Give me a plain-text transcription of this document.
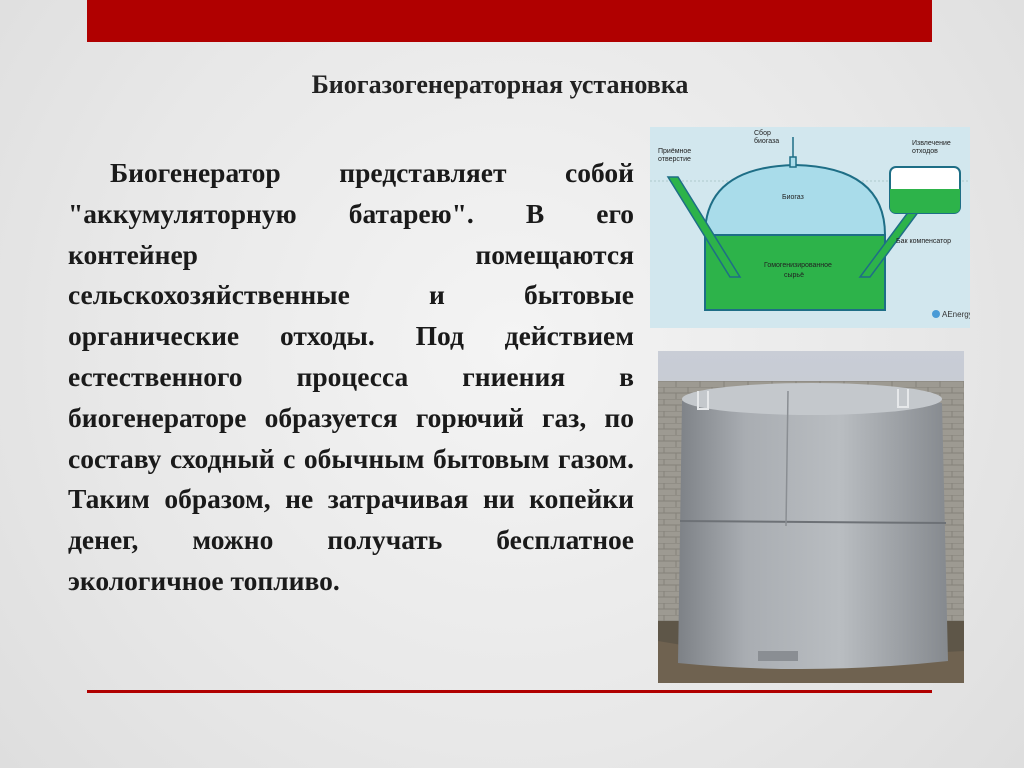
Биогазогенераторная установка
Биогенератор представляет собой "аккумуляторную батарею". В его контейнер помещаются сельскохозяйственные и бытовые органические отходы. Под действием естественного процесса гниения в биогенераторе образуется горючий газ, по составу сходный с обычным бытовым газом. Таким образом, не затрачивая ни копейки денег, можно получать бесплатное экологичное топливо.
Приёмное
отверстие
Сбор
биогаза	Извлечение
отходов
Биогаз
Бак компенсатор
Гомогенизированное
сырьё
AEnergy
